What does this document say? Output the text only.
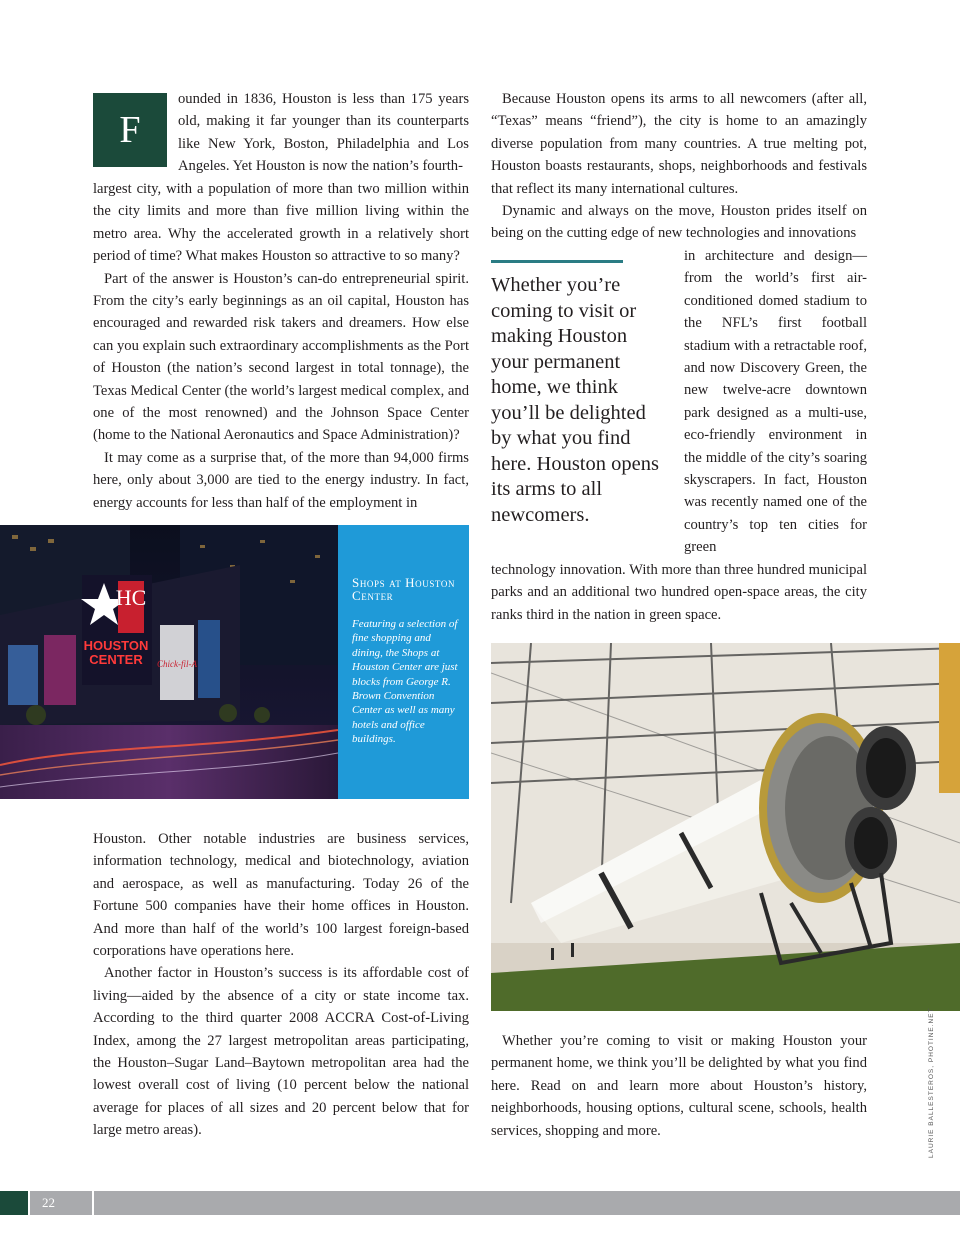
F

ounded in 1836, Houston is less than 175 years old, making it far younger than its counterparts like New York, Boston, Philadelphia and Los Angeles. Yet Houston is now the nation’s fourth-

largest city, with a population of more than two million within the city limits and more than five million living within the metro area. Why the accelerated growth in a relatively short period of time? What makes Houston so attractive to so many?

Part of the answer is Houston’s can-do entrepreneurial spirit. From the city’s early beginnings as an oil capital, Houston has encouraged and rewarded risk takers and dreamers. How else can you explain such extraordinary accomplishments as the Port of Houston (the nation’s second largest in total tonnage), the Texas Medical Center (the world’s largest medical complex, and one of the most renowned) and the Johnson Space Center (home to the National Aeronautics and Space Administration)?

It may come as a surprise that, of the more than 94,000 firms here, only about 3,000 are tied to the energy industry. In fact, energy accounts for less than half of the employment in

HC
HOUSTON
CENTER Chick-fil-A
Shops at Houston Center
Featuring a selection of fine shopping and dining, the Shops at Houston Center are just blocks from George R. Brown Convention Center as well as many hotels and office buildings.

Houston. Other notable industries are business services, information technology, medical and biotechnology, aviation and aerospace, as well as manufacturing. Today 26 of the Fortune 500 companies have their home offices in Houston. And more than half of the world’s 100 largest foreign-based corporations have operations here.

Another factor in Houston’s success is its affordable cost of living—aided by the absence of a city or state income tax. According to the third quarter 2008 ACCRA Cost-of-Living Index, among the 27 largest metropolitan areas participating, the Houston–Sugar Land–Baytown metropolitan area had the lowest overall cost of living (10 percent below the national average for places of all sizes and 20 percent below that for large metro areas).

Because Houston opens its arms to all newcomers (after all, “Texas” means “friend”), the city is home to an amazingly diverse population from many countries. A true melting pot, Houston boasts restaurants, shops, neighborhoods and festivals that reflect its many international cultures.

Dynamic and always on the move, Houston prides itself on being on the cutting edge of new technologies and innovations

Whether you’re coming to visit or making Houston your permanent home, we think you’ll be delighted by what you find here. Houston opens its arms to all newcomers.

in architecture and design—from the world’s first air-conditioned domed stadium to the NFL’s first football stadium with a retractable roof, and now Discovery Green, the new twelve-acre downtown park designed as a multi-use, eco-friendly environment in the middle of the city’s soaring skyscrapers. In fact, Houston was recently named one of the country’s top ten cities for green

technology innovation. With more than three hundred municipal parks and an additional two hundred open-space areas, the city ranks third in the nation in green space.

LAURIE BALLESTEROS, PHOTINE.NET

Whether you’re coming to visit or making Houston your permanent home, we think you’ll be delighted by what you find here. Read on and learn more about Houston’s history, neighborhoods, housing options, cultural scene, schools, health services, shopping and more.

22
